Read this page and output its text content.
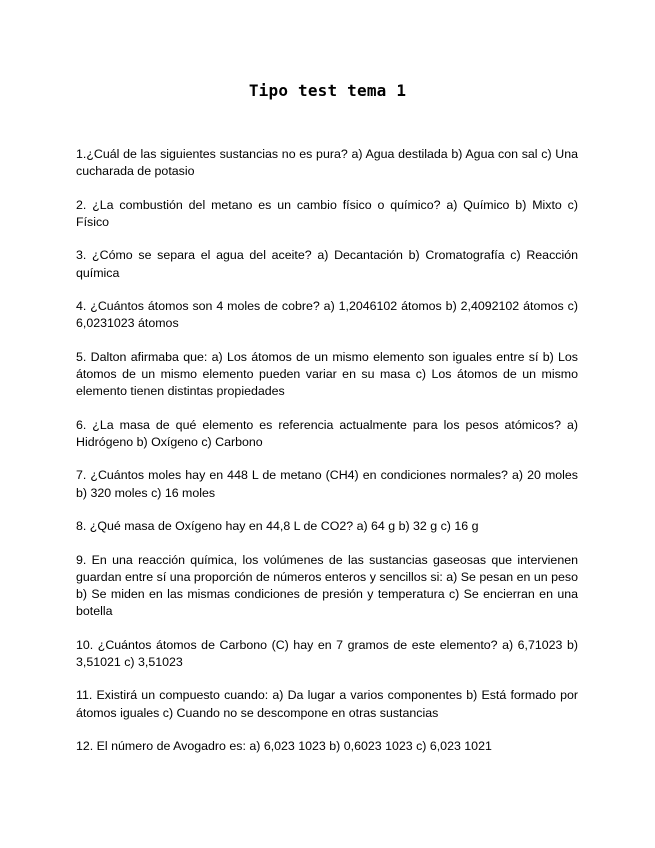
Tipo test tema 1

1.¿Cuál de las siguientes sustancias no es pura? a) Agua destilada b) Agua con sal c) Una cucharada de potasio

2. ¿La combustión del metano es un cambio físico o químico? a) Químico b) Mixto c) Físico

3. ¿Cómo se separa el agua del aceite? a) Decantación b) Cromatografía c) Reacción química

4. ¿Cuántos átomos son 4 moles de cobre? a) 1,2046102 átomos b) 2,4092102 átomos c) 6,0231023 átomos

5. Dalton afirmaba que: a) Los átomos de un mismo elemento son iguales entre sí b) Los átomos de un mismo elemento pueden variar en su masa c) Los átomos de un mismo elemento tienen distintas propiedades

6. ¿La masa de qué elemento es referencia actualmente para los pesos atómicos? a) Hidrógeno b) Oxígeno c) Carbono

7. ¿Cuántos moles hay en 448 L de metano (CH4) en condiciones normales? a) 20 moles b) 320 moles c) 16 moles

8. ¿Qué masa de Oxígeno hay en 44,8 L de CO2? a) 64 g b) 32 g c) 16 g

9. En una reacción química, los volúmenes de las sustancias gaseosas que intervienen guardan entre sí una proporción de números enteros y sencillos si: a) Se pesan en un peso b) Se miden en las mismas condiciones de presión y temperatura c) Se encierran en una botella

10. ¿Cuántos átomos de Carbono (C) hay en 7 gramos de este elemento? a) 6,71023 b) 3,51021 c) 3,51023

11. Existirá un compuesto cuando: a) Da lugar a varios componentes b) Está formado por átomos iguales c) Cuando no se descompone en otras sustancias

12. El número de Avogadro es: a) 6,023 1023 b) 0,6023 1023 c) 6,023 1021
